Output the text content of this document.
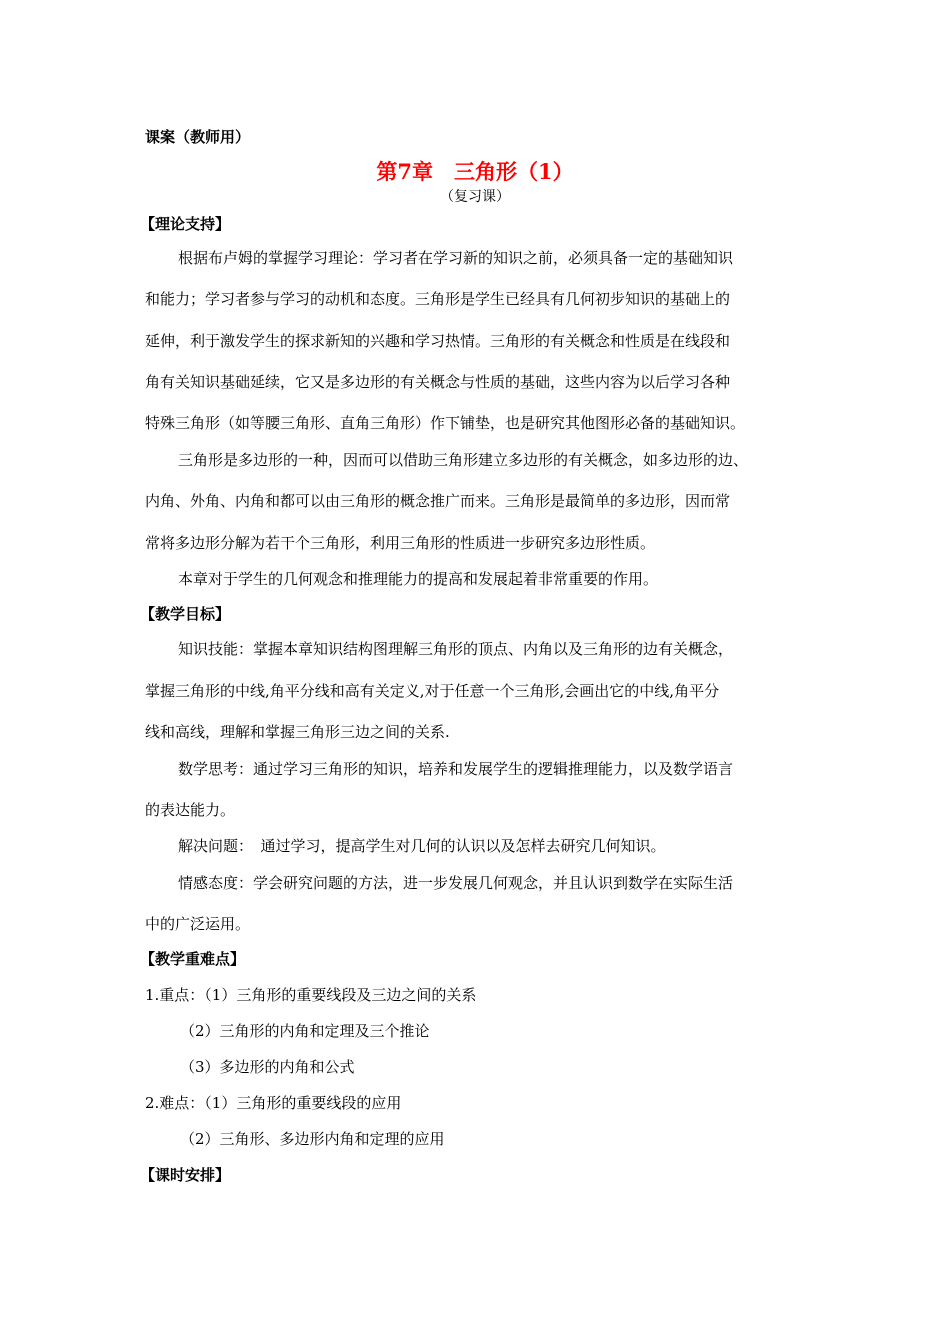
课案（教师用）
第7章　三角形（1）
（复习课）
【理论支持】
根据布卢姆的掌握学习理论：学习者在学习新的知识之前，必须具备一定的基础知识
和能力；学习者参与学习的动机和态度。三角形是学生已经具有几何初步知识的基础上的
延伸，利于激发学生的探求新知的兴趣和学习热情。三角形的有关概念和性质是在线段和
角有关知识基础延续，它又是多边形的有关概念与性质的基础，这些内容为以后学习各种
特殊三角形（如等腰三角形、直角三角形）作下铺垫，也是研究其他图形必备的基础知识。
三角形是多边形的一种，因而可以借助三角形建立多边形的有关概念，如多边形的边、
内角、外角、内角和都可以由三角形的概念推广而来。三角形是最简单的多边形，因而常
常将多边形分解为若干个三角形，利用三角形的性质进一步研究多边形性质。
本章对于学生的几何观念和推理能力的提高和发展起着非常重要的作用。
【教学目标】
知识技能：掌握本章知识结构图理解三角形的顶点、内角以及三角形的边有关概念，
掌握三角形的中线,角平分线和高有关定义,对于任意一个三角形,会画出它的中线,角平分
线和高线，理解和掌握三角形三边之间的关系.
数学思考：通过学习三角形的知识，培养和发展学生的逻辑推理能力，以及数学语言
的表达能力。
解决问题：　通过学习，提高学生对几何的认识以及怎样去研究几何知识。
情感态度：学会研究问题的方法，进一步发展几何观念，并且认识到数学在实际生活
中的广泛运用。
【教学重难点】
1.重点：（1）三角形的重要线段及三边之间的关系
（2）三角形的内角和定理及三个推论
（3）多边形的内角和公式
2.难点：（1）三角形的重要线段的应用
（2）三角形、多边形内角和定理的应用
【课时安排】
